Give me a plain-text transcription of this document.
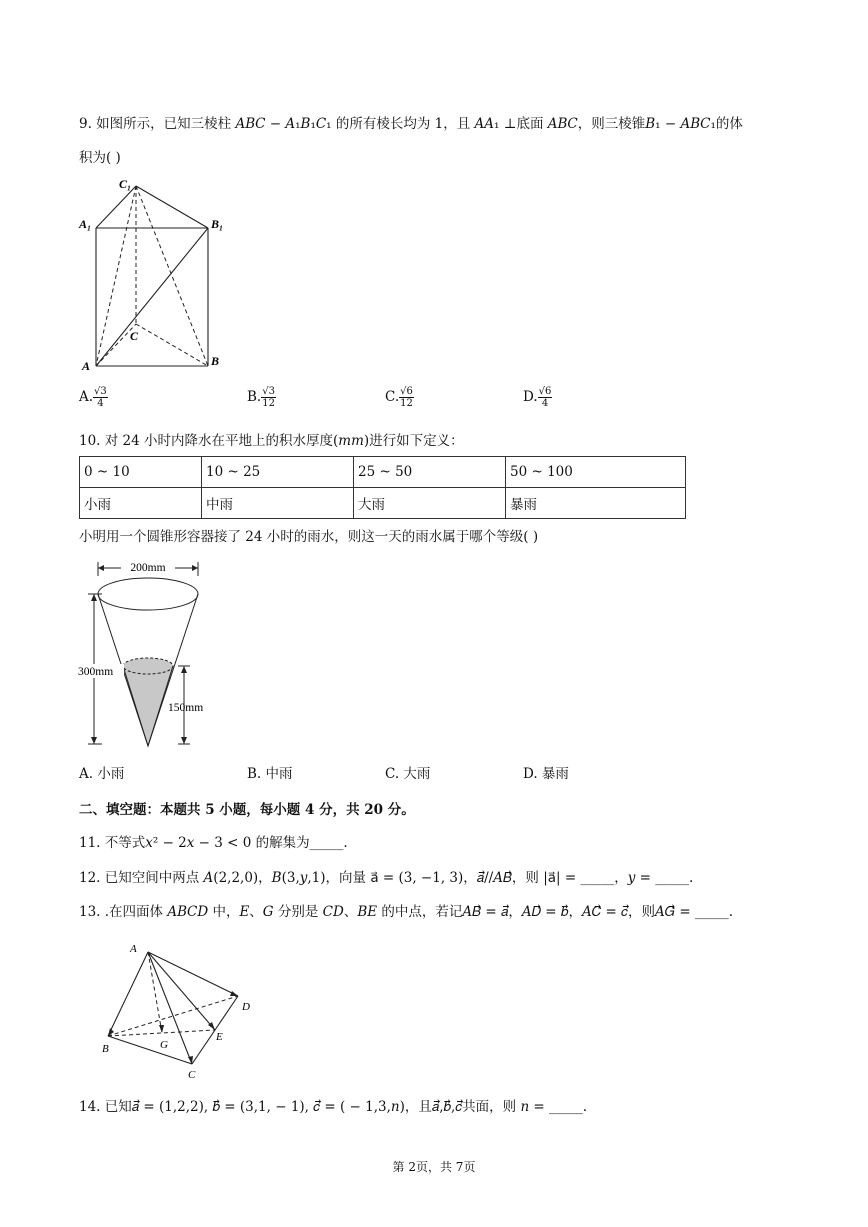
9. 如图所示，已知三棱柱 𝐴𝐵𝐶 − 𝐴₁𝐵₁𝐶₁ 的所有棱长均为 1，且 𝐴𝐴₁ ⊥底面 𝐴𝐵𝐶，则三棱锥𝐵₁ − 𝐴𝐵𝐶₁的体
积为( )
C₁
A₁	B₁
A	B
C
A. $\frac{√3}{4}$	B. $\frac{√3}{12}$	C. $\frac{√6}{12}$	D. $\frac{√6}{4}$
10. 对 24 小时内降水在平地上的积水厚度(𝑚𝑚)进行如下定义：
0 ~ 10	10 ~ 25	25 ~ 50	50 ~ 100
小雨	中雨	大雨	暴雨
小明用一个圆锥形容器接了 24 小时的雨水，则这一天的雨水属于哪个等级( )
200mm
300mm
150mm
A. 小雨	B. 中雨	C. 大雨	D. 暴雨
二、填空题：本题共 5 小题，每小题 4 分，共 20 分。
11. 不等式𝑥² − 2𝑥 − 3 < 0 的解集为_____.
12. 已知空间中两点 𝐴(2,2,0)，𝐵(3,𝑦,1)，向量 a⃗ = (3, −1, 3)，𝑎⃗//𝐴𝐵⃗，则 |a⃗| = _____，𝑦 = _____.
13. .在四面体 𝐴𝐵𝐶𝐷 中，𝐸、𝐺 分别是 𝐶𝐷、𝐵𝐸 的中点，若记𝐴𝐵⃗ = 𝑎⃗，𝐴𝐷⃗ = 𝑏⃗，𝐴𝐶⃗ = 𝑐⃗，则𝐴𝐺⃗ = _____.
A
B
C
D
E
G
14. 已知𝑎⃗ = (1,2,2), 𝑏⃗ = (3,1, − 1), 𝑐⃗ = ( − 1,3,𝑛)，且𝑎⃗,𝑏⃗,𝑐⃗共面，则 𝑛 = _____.
第 2页，共 7页
